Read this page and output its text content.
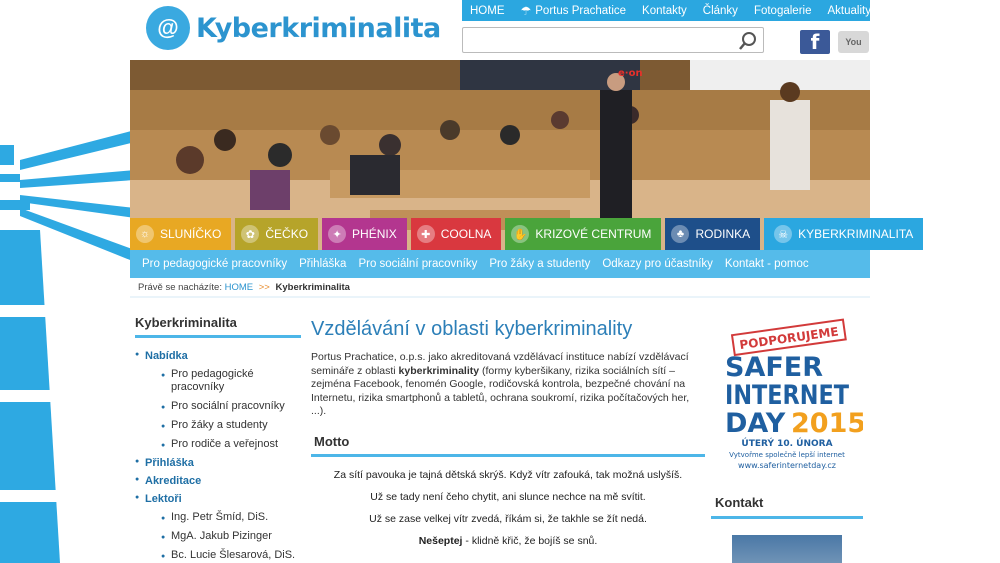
@ Kyberkriminalita
HOME ☂ Portus Prachatice Kontakty Články Fotogalerie Aktuality
f	You
e·on
☼ SLUNÍČKO	✿ ČEČKO	✦ PHÉNIX	✚ COOLNA ✋ KRIZOVÉ CENTRUM	♣ RODINKA	☠ KYBERKRIMINALITA
Pro pedagogické pracovníky	Přihláška	Pro sociální pracovníky	Pro žáky a studenty	Odkazy pro účastníky	Kontakt - pomoc
Právě se nacházíte: HOME >> Kyberkriminalita
Kyberkriminalita
● Nabídka
● Pro pedagogické pracovníky
● Pro sociální pracovníky
● Pro žáky a studenty
● Pro rodiče a veřejnost
● Přihláška
● Akreditace
● Lektoři
● Ing. Petr Šmíd, DiS.
● MgA. Jakub Pizinger
● Bc. Lucie Šlesarová, DiS.
Vzdělávání v oblasti kyberkriminality

Portus Prachatice, o.p.s. jako akreditovaná vzdělávací instituce nabízí vzdělávací semináře z oblasti kyberkriminality (formy kyberšikany, rizika sociálních sítí – zejména Facebook, fenomén Google, rodičovská kontrola, bezpečné chování na Internetu, rizika smartphonů a tabletů, ochrana soukromí, rizika počítačových her, ...).

Motto
Za sítí pavouka je tajná dětská skrýš. Když vítr zafouká, tak možná uslyšíš.
Už se tady není čeho chytit, ani slunce nechce na mě svítit.
Už se zase velkej vítr zvedá, říkám si, že takhle se žít nedá.
Nešeptej - klidně křič, že bojíš se snů.
PODPORUJEME
SAFER
INTERNET
DAY 2015
ÚTERÝ 10. ÚNORA
Vytvořme společně lepší internet
www.saferinternetday.cz
Kontakt
